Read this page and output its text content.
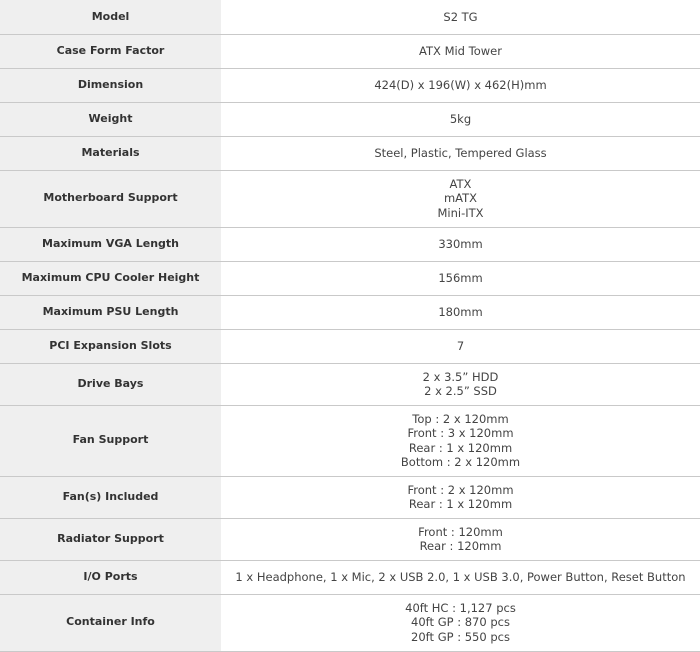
Model	S2 TG

Case Form Factor	ATX Mid Tower

Dimension	424(D) x 196(W) x 462(H)mm

Weight	5kg

Materials	Steel, Plastic, Tempered Glass

Motherboard Support	ATX
mATX
Mini-ITX

Maximum VGA Length	330mm

Maximum CPU Cooler Height	156mm

Maximum PSU Length	180mm

PCI Expansion Slots	7

Drive Bays	2 x 3.5” HDD
2 x 2.5” SSD

Fan Support	Top : 2 x 120mm
Front : 3 x 120mm
Rear : 1 x 120mm
Bottom : 2 x 120mm

Fan(s) Included	Front : 2 x 120mm
Rear : 1 x 120mm

Radiator Support	Front : 120mm
Rear : 120mm

I/O Ports	1 x Headphone, 1 x Mic, 2 x USB 2.0, 1 x USB 3.0, Power Button, Reset Button

Container Info	40ft HC : 1,127 pcs
40ft GP : 870 pcs
20ft GP : 550 pcs
